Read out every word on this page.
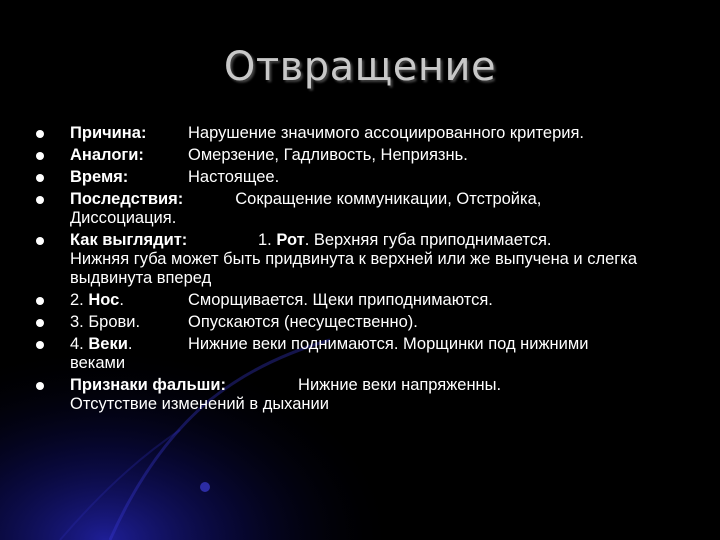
Отвращение
Причина:	Нарушение значимого ассоциированного критерия.
Аналоги:	Омерзение, Гадливость, Неприязнь.
Время:	Настоящее.
Последствия:	Сокращение коммуникации, Отстройка,
Диссоциация.
Как выглядит:	1. Рот. Верхняя губа приподнимается.
Нижняя губа может быть придвинута к верхней или же выпучена и слегка выдвинута вперед
2. Нос.	Сморщивается. Щеки приподнимаются.
3. Брови.	Опускаются (несущественно).
4. Веки.	Нижние веки поднимаются. Морщинки под нижними
веками
Признаки фальши:	Нижние веки напряженны.
Отсутствие изменений в дыхании
